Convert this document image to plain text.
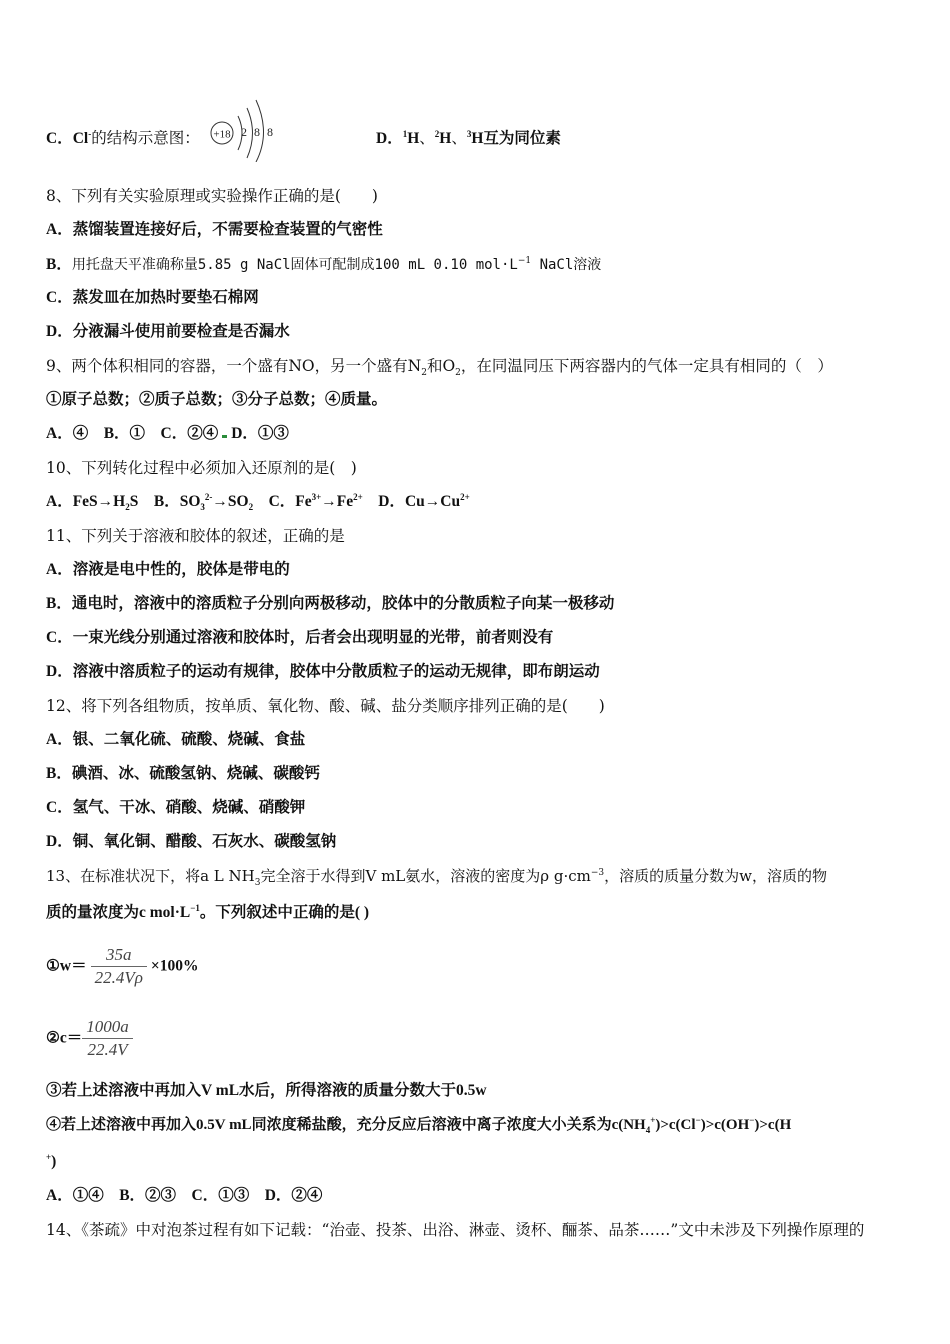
C．Cl-的结构示意图： +18 2 8 8	D．$^1$H、$^2$H、$^3$H互为同位素
8、下列有关实验原理或实验操作正确的是(　　)
A．蒸馏装置连接好后，不需要检查装置的气密性
B．用托盘天平准确称量5.85 g NaCl固体可配制成100 mL 0.10 $mol\cdot L^{-1}$ NaCl溶液
C．蒸发皿在加热时要垫石棉网
D．分液漏斗使用前要检查是否漏水
9、两个体积相同的容器，一个盛有NO，另一个盛有$N_2$和$O_2$，在同温同压下两容器内的气体一定具有相同的（　）
①原子总数；②质子总数；③分子总数；④质量。
A．④　B．①　C．②④ D．①③
10、下列转化过程中必须加入还原剂的是(　)
A．$FeS\to H_2S$ B．$SO_3^{2-}\to SO_2$ C．$Fe^{3+}\to Fe^{2+}$ D．$Cu\to Cu^{2+}$
11、下列关于溶液和胶体的叙述，正确的是
A．溶液是电中性的，胶体是带电的
B．通电时，溶液中的溶质粒子分别向两极移动，胶体中的分散质粒子向某一极移动
C．一束光线分别通过溶液和胶体时，后者会出现明显的光带，前者则没有
D．溶液中溶质粒子的运动有规律，胶体中分散质粒子的运动无规律，即布朗运动
12、将下列各组物质，按单质、氧化物、酸、碱、盐分类顺序排列正确的是(　　)
A．银、二氧化硫、硫酸、烧碱、食盐
B．碘酒、冰、硫酸氢钠、烧碱、碳酸钙
C．氢气、干冰、硝酸、烧碱、硝酸钾
D．铜、氧化铜、醋酸、石灰水、碳酸氢钠
13、在标准状况下，将a L $NH_3$完全溶于水得到V mL氨水，溶液的密度为ρ $g\cdot cm^{-3}$，溶质的质量分数为w，溶质的物
质的量浓度为c $mol\cdot L^{-1}$。下列叙述中正确的是( )
①w＝ $\frac{35a}{22.4V\rho} \times 100\%$
②c＝ $\frac{1000a}{22.4V}$
③若上述溶液中再加入V mL水后，所得溶液的质量分数大于0.5w
④若上述溶液中再加入0.5V mL同浓度稀盐酸，充分反应后溶液中离子浓度大小关系为$c(NH_4^+)>c(Cl^-)>c(OH^-)>c(H$
+)
A．①④　B．②③　C．①③　D．②④
14、《茶疏》中对泡茶过程有如下记载：“治壶、投茶、出浴、淋壶、烫杯、酾茶、品茶……”文中未涉及下列操作原理的
